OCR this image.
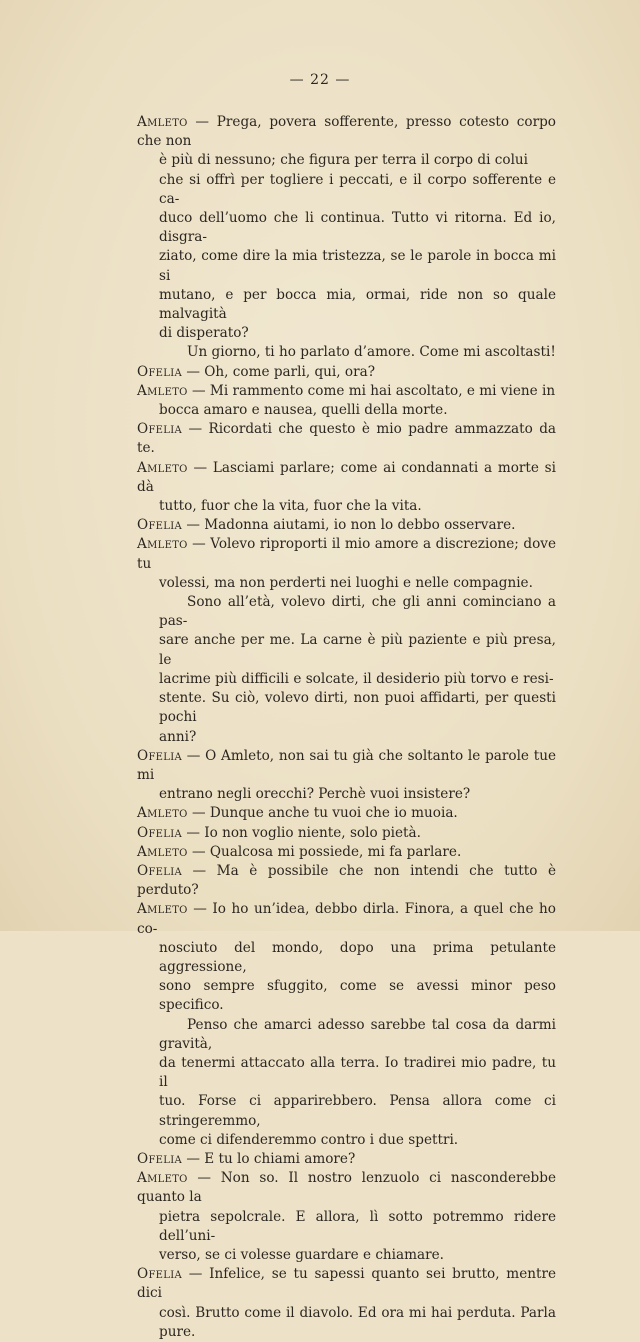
— 22 —
Amleto — Prega, povera sofferente, presso cotesto corpo che non
è più di nessuno; che figura per terra il corpo di colui
che si offrì per togliere i peccati, e il corpo sofferente e ca-
duco dell’uomo che li continua. Tutto vi ritorna. Ed io, disgra-
ziato, come dire la mia tristezza, se le parole in bocca mi si
mutano, e per bocca mia, ormai, ride non so quale malvagità
di disperato?
Un giorno, ti ho parlato d’amore. Come mi ascoltasti!
Ofelia — Oh, come parli, qui, ora?
Amleto — Mi rammento come mi hai ascoltato, e mi viene in
bocca amaro e nausea, quelli della morte.
Ofelia — Ricordati che questo è mio padre ammazzato da te.
Amleto — Lasciami parlare; come ai condannati a morte si dà
tutto, fuor che la vita, fuor che la vita.
Ofelia — Madonna aiutami, io non lo debbo osservare.
Amleto — Volevo riproporti il mio amore a discrezione; dove tu
volessi, ma non perderti nei luoghi e nelle compagnie.
Sono all’età, volevo dirti, che gli anni cominciano a pas-
sare anche per me. La carne è più paziente e più presa, le
lacrime più difficili e solcate, il desiderio più torvo e resi-
stente. Su ciò, volevo dirti, non puoi affidarti, per questi pochi
anni?
Ofelia — O Amleto, non sai tu già che soltanto le parole tue mi
entrano negli orecchi? Perchè vuoi insistere?
Amleto — Dunque anche tu vuoi che io muoia.
Ofelia — Io non voglio niente, solo pietà.
Amleto — Qualcosa mi possiede, mi fa parlare.
Ofelia — Ma è possibile che non intendi che tutto è perduto?
Amleto — Io ho un’idea, debbo dirla. Finora, a quel che ho co-
nosciuto del mondo, dopo una prima petulante aggressione,
sono sempre sfuggito, come se avessi minor peso specifico.
Penso che amarci adesso sarebbe tal cosa da darmi gravità,
da tenermi attaccato alla terra. Io tradirei mio padre, tu il
tuo. Forse ci apparirebbero. Pensa allora come ci stringeremmo,
come ci difenderemmo contro i due spettri.
Ofelia — E tu lo chiami amore?
Amleto — Non so. Il nostro lenzuolo ci nasconderebbe quanto la
pietra sepolcrale. E allora, lì sotto potremmo ridere dell’uni-
verso, se ci volesse guardare e chiamare.
Ofelia — Infelice, se tu sapessi quanto sei brutto, mentre dici
così. Brutto come il diavolo. Ed ora mi hai perduta. Parla pure.
